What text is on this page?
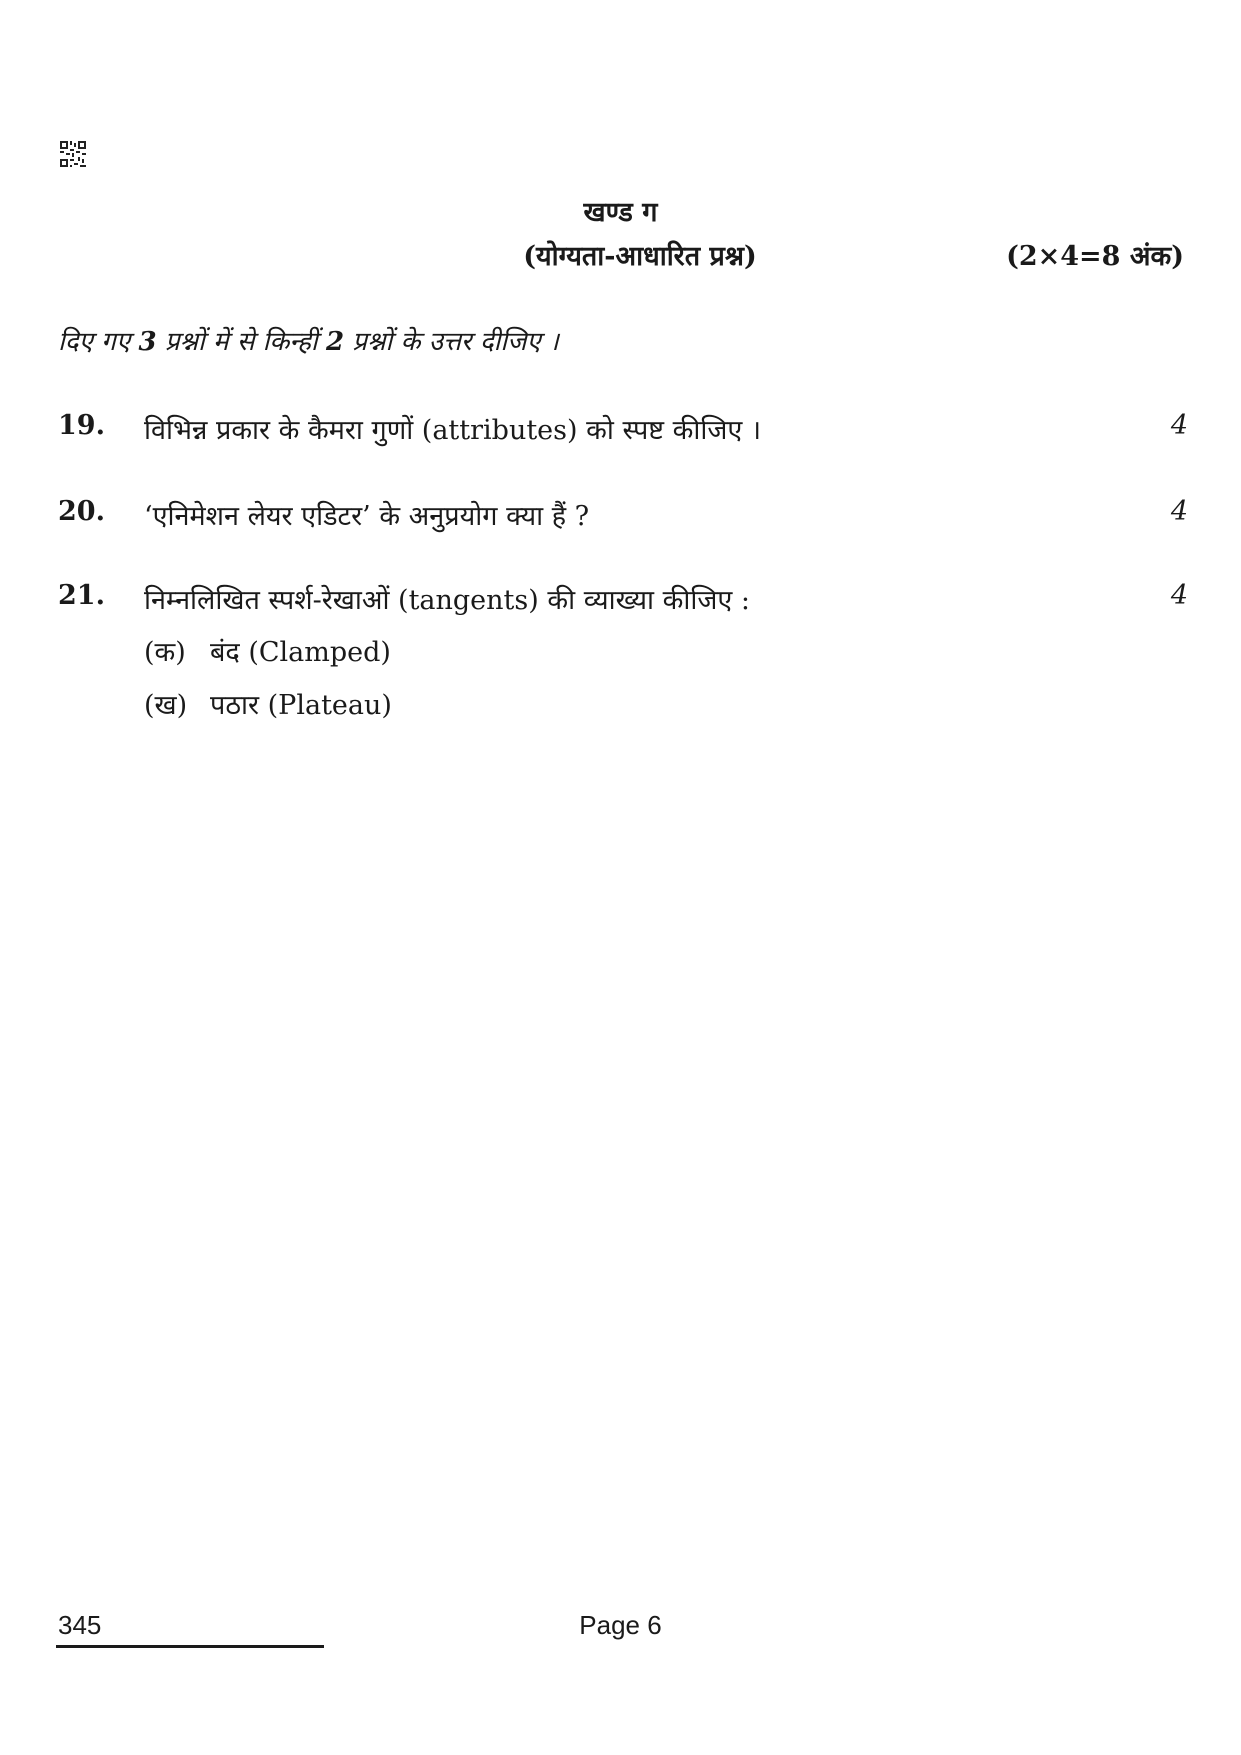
खण्ड ग
(योग्यता-आधारित प्रश्न)	(2×4=8 अंक)
दिए गए 3 प्रश्नों में से किन्हीं 2 प्रश्नों के उत्तर दीजिए ।
19. विभिन्न प्रकार के कैमरा गुणों (attributes) को स्पष्ट कीजिए ।	4
20. ‘एनिमेशन लेयर एडिटर’ के अनुप्रयोग क्या हैं ?	4
21. निम्नलिखित स्पर्श-रेखाओं (tangents) की व्याख्या कीजिए :	4
(क) बंद (Clamped)
(ख) पठार (Plateau)
345	Page 6
